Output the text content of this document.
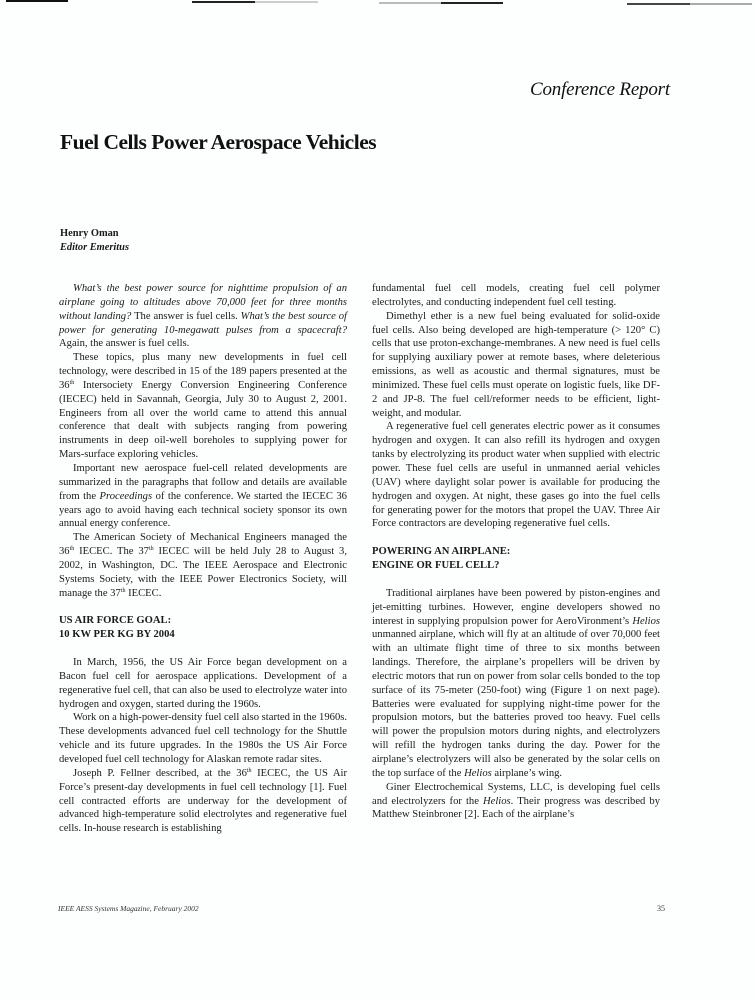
Conference Report
Fuel Cells Power Aerospace Vehicles
Henry Oman
Editor Emeritus

What’s the best power source for nighttime propulsion of an airplane going to altitudes above 70,000 feet for three months without landing? The answer is fuel cells. What’s the best source of power for generating 10-megawatt pulses from a spacecraft? Again, the answer is fuel cells.

These topics, plus many new developments in fuel cell technology, were described in 15 of the 189 papers presented at the 36th Intersociety Energy Conversion Engineering Conference (IECEC) held in Savannah, Georgia, July 30 to August 2, 2001. Engineers from all over the world came to attend this annual conference that dealt with subjects ranging from powering instruments in deep oil-well boreholes to supplying power for Mars-surface exploring vehicles.

Important new aerospace fuel-cell related developments are summarized in the paragraphs that follow and details are available from the Proceedings of the conference. We started the IECEC 36 years ago to avoid having each technical society sponsor its own annual energy conference.

The American Society of Mechanical Engineers managed the 36th IECEC. The 37th IECEC will be held July 28 to August 3, 2002, in Washington, DC. The IEEE Aerospace and Electronic Systems Society, with the IEEE Power Electronics Society, will manage the 37th IECEC.

US AIR FORCE GOAL:
10 KW PER KG BY 2004

In March, 1956, the US Air Force began development on a Bacon fuel cell for aerospace applications. Development of a regenerative fuel cell, that can also be used to electrolyze water into hydrogen and oxygen, started during the 1960s.

Work on a high-power-density fuel cell also started in the 1960s. These developments advanced fuel cell technology for the Shuttle vehicle and its future upgrades. In the 1980s the US Air Force developed fuel cell technology for Alaskan remote radar sites.

Joseph P. Fellner described, at the 36th IECEC, the US Air Force’s present-day developments in fuel cell technology [1]. Fuel cell contracted efforts are underway for the development of advanced high-temperature solid electrolytes and regenerative fuel cells. In-house research is establishing

fundamental fuel cell models, creating fuel cell polymer electrolytes, and conducting independent fuel cell testing.

Dimethyl ether is a new fuel being evaluated for solid-oxide fuel cells. Also being developed are high-temperature (> 120° C) cells that use proton-exchange-membranes. A new need is fuel cells for supplying auxiliary power at remote bases, where deleterious emissions, as well as acoustic and thermal signatures, must be minimized. These fuel cells must operate on logistic fuels, like DF-2 and JP-8. The fuel cell/reformer needs to be efficient, light-weight, and modular.

A regenerative fuel cell generates electric power as it consumes hydrogen and oxygen. It can also refill its hydrogen and oxygen tanks by electrolyzing its product water when supplied with electric power. These fuel cells are useful in unmanned aerial vehicles (UAV) where daylight solar power is available for producing the hydrogen and oxygen. At night, these gases go into the fuel cells for generating power for the motors that propel the UAV. Three Air Force contractors are developing regenerative fuel cells.

POWERING AN AIRPLANE:
ENGINE OR FUEL CELL?

Traditional airplanes have been powered by piston-engines and jet-emitting turbines. However, engine developers showed no interest in supplying propulsion power for AeroVironment’s Helios unmanned airplane, which will fly at an altitude of over 70,000 feet with an ultimate flight time of three to six months between landings. Therefore, the airplane’s propellers will be driven by electric motors that run on power from solar cells bonded to the top surface of its 75-meter (250-foot) wing (Figure 1 on next page). Batteries were evaluated for supplying night-time power for the propulsion motors, but the batteries proved too heavy. Fuel cells will power the propulsion motors during nights, and electrolyzers will refill the hydrogen tanks during the day. Power for the airplane’s electrolyzers will also be generated by the solar cells on the top surface of the Helios airplane’s wing.

Giner Electrochemical Systems, LLC, is developing fuel cells and electrolyzers for the Helios. Their progress was described by Matthew Steinbroner [2]. Each of the airplane’s

IEEE AESS Systems Magazine, February 2002	35
